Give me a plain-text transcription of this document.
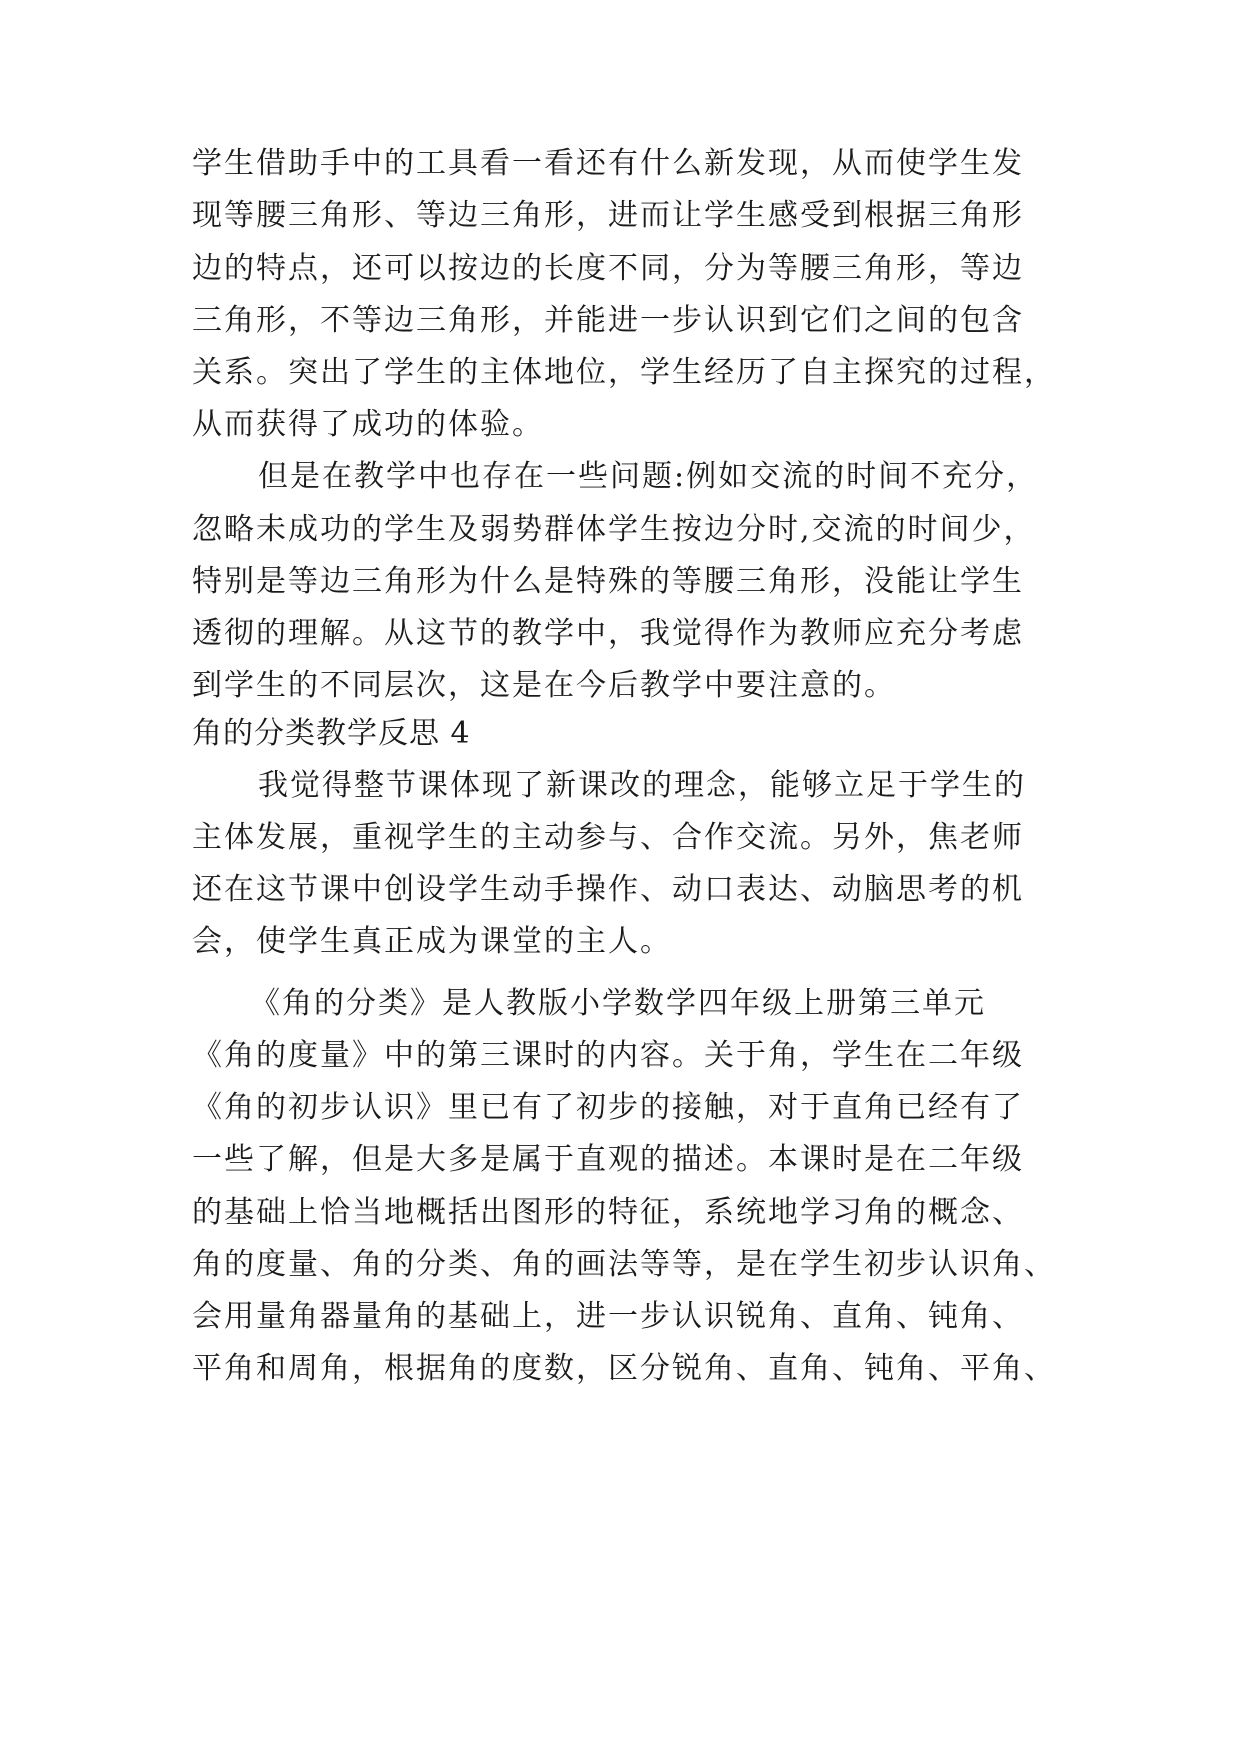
学生借助手中的工具看一看还有什么新发现，从而使学生发
现等腰三角形、等边三角形，进而让学生感受到根据三角形
边的特点，还可以按边的长度不同，分为等腰三角形，等边
三角形，不等边三角形，并能进一步认识到它们之间的包含
关系。突出了学生的主体地位，学生经历了自主探究的过程，
从而获得了成功的体验。
但是在教学中也存在一些问题:例如交流的时间不充分，
忽略未成功的学生及弱势群体学生按边分时,交流的时间少，
特别是等边三角形为什么是特殊的等腰三角形，没能让学生
透彻的理解。从这节的教学中，我觉得作为教师应充分考虑
到学生的不同层次，这是在今后教学中要注意的。
角的分类教学反思 4
我觉得整节课体现了新课改的理念，能够立足于学生的
主体发展，重视学生的主动参与、合作交流。另外，焦老师
还在这节课中创设学生动手操作、动口表达、动脑思考的机
会，使学生真正成为课堂的主人。
《角的分类》是人教版小学数学四年级上册第三单元
《角的度量》中的第三课时的内容。关于角，学生在二年级
《角的初步认识》里已有了初步的接触，对于直角已经有了
一些了解，但是大多是属于直观的描述。本课时是在二年级
的基础上恰当地概括出图形的特征，系统地学习角的概念、
角的度量、角的分类、角的画法等等，是在学生初步认识角、
会用量角器量角的基础上，进一步认识锐角、直角、钝角、
平角和周角，根据角的度数，区分锐角、直角、钝角、平角、
